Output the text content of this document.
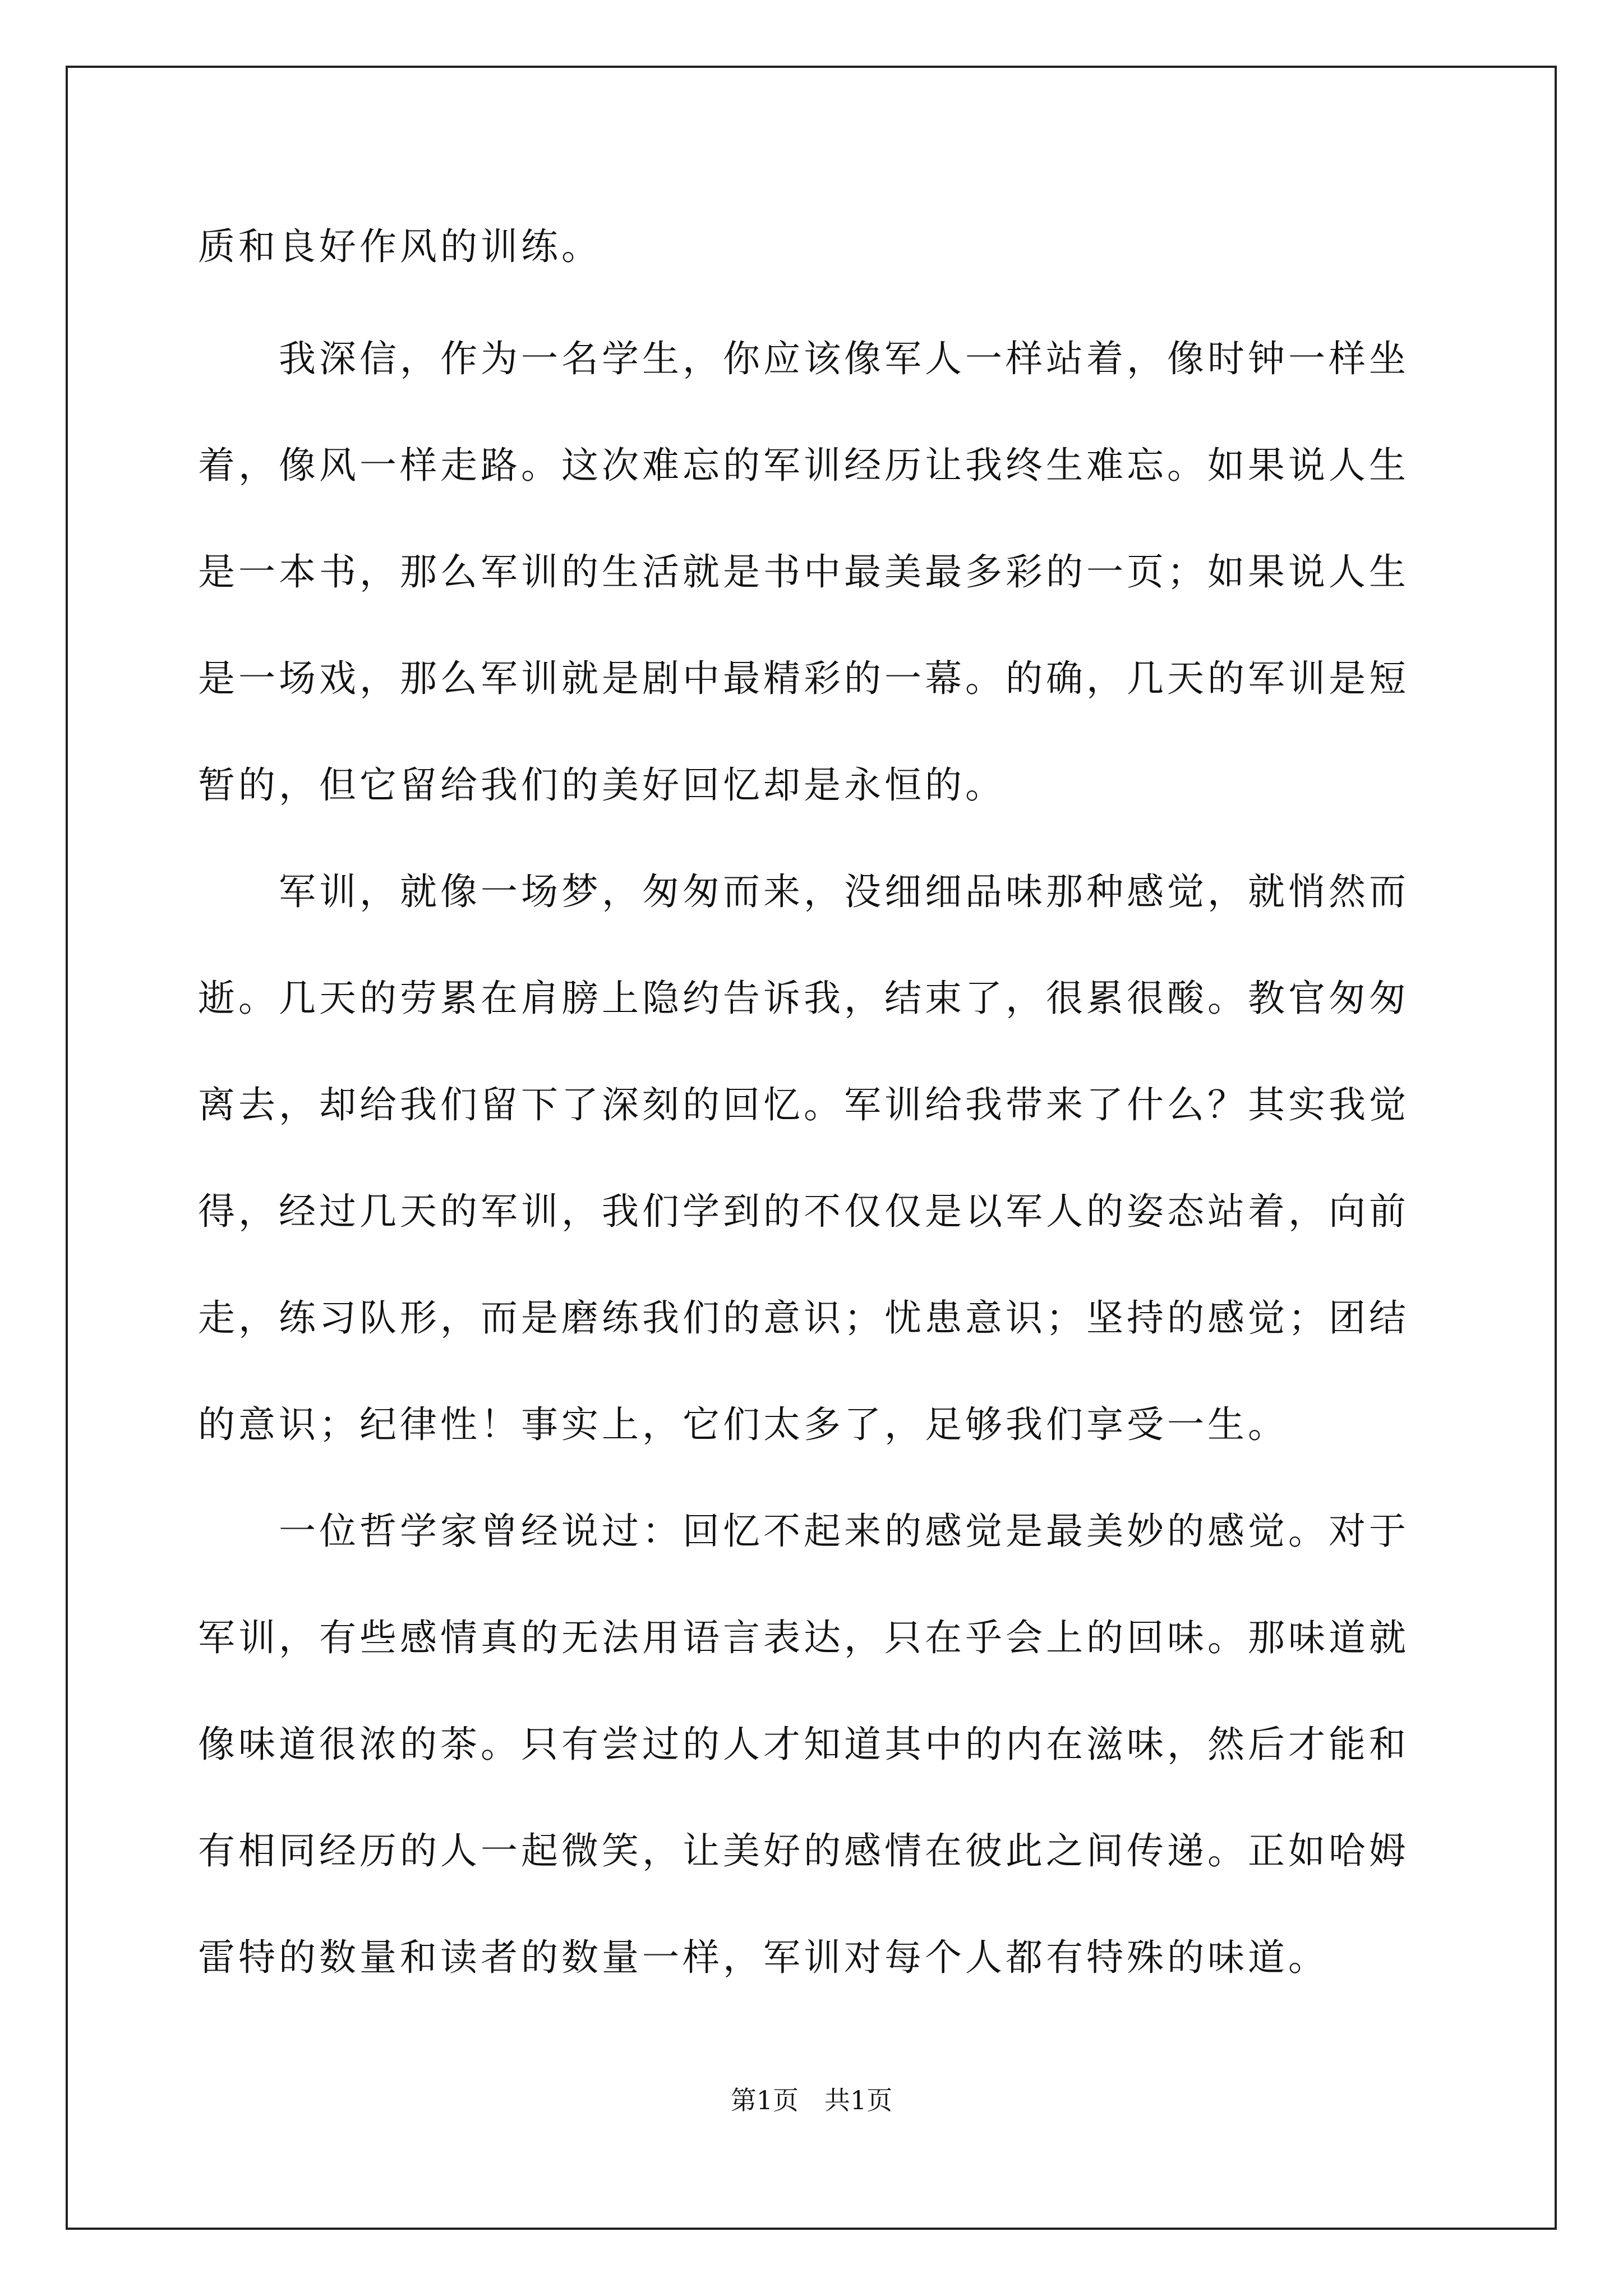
质和良好作风的训练。
我深信，作为一名学生，你应该像军人一样站着，像时钟一样坐
着，像风一样走路。这次难忘的军训经历让我终生难忘。如果说人生
是一本书，那么军训的生活就是书中最美最多彩的一页；如果说人生
是一场戏，那么军训就是剧中最精彩的一幕。的确，几天的军训是短
暂的，但它留给我们的美好回忆却是永恒的。
军训，就像一场梦，匆匆而来，没细细品味那种感觉，就悄然而
逝。几天的劳累在肩膀上隐约告诉我，结束了，很累很酸。教官匆匆
离去，却给我们留下了深刻的回忆。军训给我带来了什么？其实我觉
得，经过几天的军训，我们学到的不仅仅是以军人的姿态站着，向前
走，练习队形，而是磨练我们的意识；忧患意识；坚持的感觉；团结
的意识；纪律性！事实上，它们太多了，足够我们享受一生。
一位哲学家曾经说过：回忆不起来的感觉是最美妙的感觉。对于
军训，有些感情真的无法用语言表达，只在乎会上的回味。那味道就
像味道很浓的茶。只有尝过的人才知道其中的内在滋味，然后才能和
有相同经历的人一起微笑，让美好的感情在彼此之间传递。正如哈姆
雷特的数量和读者的数量一样，军训对每个人都有特殊的味道。
第1页　共1页
